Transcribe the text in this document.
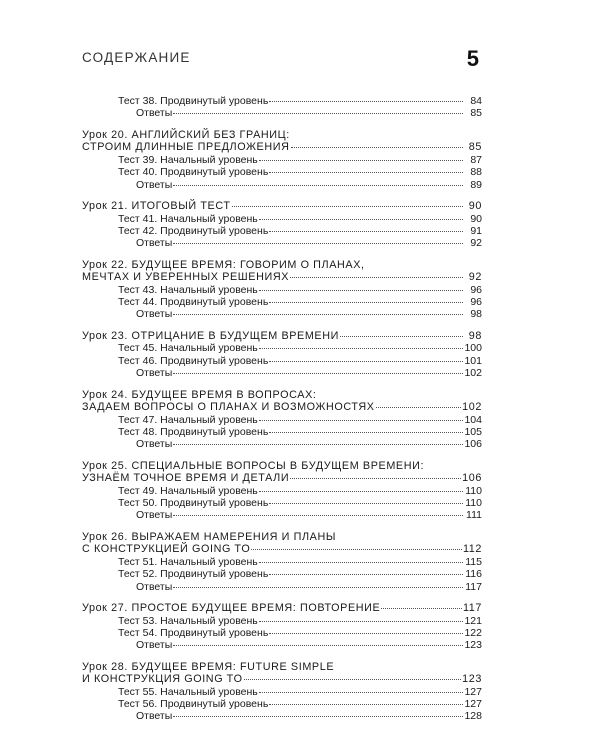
СОДЕРЖАНИЕ	5
Тест 38. Продвинутый уровень	84
Ответы	85
Урок 20. АНГЛИЙСКИЙ БЕЗ ГРАНИЦ:
СТРОИМ ДЛИННЫЕ ПРЕДЛОЖЕНИЯ	85
Тест 39. Начальный уровень	87
Тест 40. Продвинутый уровень	88
Ответы	89
Урок 21. ИТОГОВЫЙ ТЕСТ	90
Тест 41. Начальный уровень	90
Тест 42. Продвинутый уровень	91
Ответы	92
Урок 22. БУДУЩЕЕ ВРЕМЯ: ГОВОРИМ О ПЛАНАХ,
МЕЧТАХ И УВЕРЕННЫХ РЕШЕНИЯХ	92
Тест 43. Начальный уровень	96
Тест 44. Продвинутый уровень	96
Ответы	98
Урок 23. ОТРИЦАНИЕ В БУДУЩЕМ ВРЕМЕНИ	98
Тест 45. Начальный уровень	100
Тест 46. Продвинутый уровень	101
Ответы	102
Урок 24. БУДУЩЕЕ ВРЕМЯ В ВОПРОСАХ:
ЗАДАЕМ ВОПРОСЫ О ПЛАНАХ И ВОЗМОЖНОСТЯХ	102
Тест 47. Начальный уровень	104
Тест 48. Продвинутый уровень	105
Ответы	106
Урок 25. СПЕЦИАЛЬНЫЕ ВОПРОСЫ В БУДУЩЕМ ВРЕМЕНИ:
УЗНАЁМ ТОЧНОЕ ВРЕМЯ И ДЕТАЛИ	106
Тест 49. Начальный уровень	110
Тест 50. Продвинутый уровень	110
Ответы	111
Урок 26. ВЫРАЖАЕМ НАМЕРЕНИЯ И ПЛАНЫ
С КОНСТРУКЦИЕЙ GOING TO	112
Тест 51. Начальный уровень	115
Тест 52. Продвинутый уровень	116
Ответы	117
Урок 27. ПРОСТОЕ БУДУЩЕЕ ВРЕМЯ: ПОВТОРЕНИЕ	117
Тест 53. Начальный уровень	121
Тест 54. Продвинутый уровень	122
Ответы	123
Урок 28. БУДУЩЕЕ ВРЕМЯ: FUTURE SIMPLE
И КОНСТРУКЦИЯ GOING TO	123
Тест 55. Начальный уровень	127
Тест 56. Продвинутый уровень	127
Ответы	128
